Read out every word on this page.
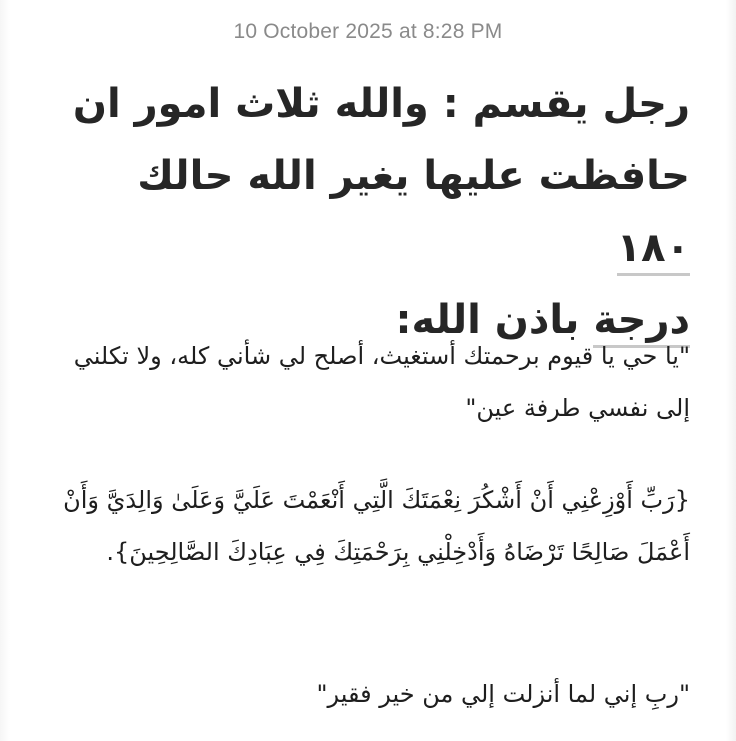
10 October 2025 at 8:28 PM
رجل يقسم : والله ثلاث امور ان
حافظت عليها يغير الله حالك ١٨٠
درجة باذن الله:

"يا حي يا قيوم برحمتك أستغيث، أصلح لي شأني كله، ولا تكلني إلى نفسي طرفة عين"

{رَبِّ أَوْزِعْنِي أَنْ أَشْكُرَ نِعْمَتَكَ الَّتِي أَنْعَمْتَ عَلَيَّ وَعَلَىٰ وَالِدَيَّ وَأَنْ أَعْمَلَ صَالِحًا تَرْضَاهُ وَأَدْخِلْنِي بِرَحْمَتِكَ فِي عِبَادِكَ الصَّالِحِينَ}.

"ربِ إني لما أنزلت إلي من خير فقير"
